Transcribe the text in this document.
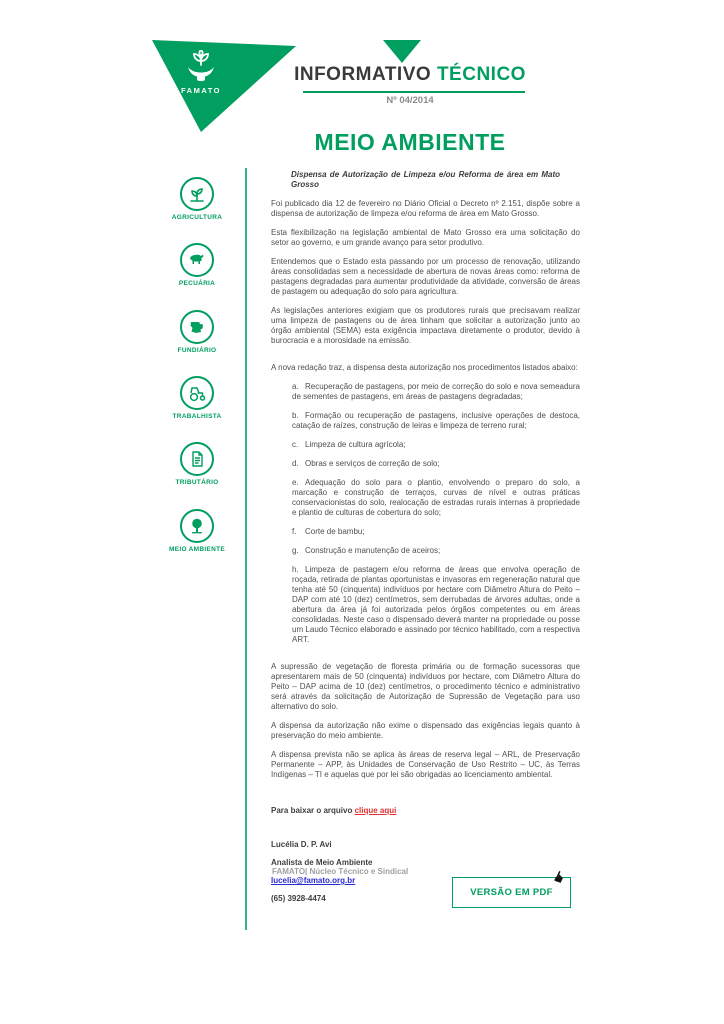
FAMATO
INFORMATIVO TÉCNICO
Nº 04/2014
MEIO AMBIENTE
AGRICULTURA
PECUÁRIA
FUNDIÁRIO
TRABALHISTA
TRIBUTÁRIO
MEIO AMBIENTE

Dispensa de Autorização de Limpeza e/ou Reforma de área em Mato Grosso

Foi publicado dia 12 de fevereiro no Diário Oficial o Decreto nº 2.151, dispõe sobre a dispensa de autorização de limpeza e/ou reforma de área em Mato Grosso.

Esta flexibilização na legislação ambiental de Mato Grosso era uma solicitação do setor ao governo, e um grande avanço para setor produtivo.

Entendemos que o Estado esta passando por um processo de renovação, utilizando áreas consolidadas sem a necessidade de abertura de novas áreas como: reforma de pastagens degradadas para aumentar produtividade da atividade, conversão de áreas de pastagem ou adequação do solo para agricultura.

As legislações anteriores exigiam que os produtores rurais que precisavam realizar uma limpeza de pastagens ou de área tinham que solicitar a autorização junto ao órgão ambiental (SEMA) esta exigência impactava diretamente o produtor, devido à burocracia e a morosidade na emissão.

A nova redação traz, a dispensa desta autorização nos procedimentos listados abaixo:

a. Recuperação de pastagens, por meio de correção do solo e nova semeadura de sementes de pastagens, em áreas de pastagens degradadas;

b. Formação ou recuperação de pastagens, inclusive operações de destoca, catação de raízes, construção de leiras e limpeza de terreno rural;

c. Limpeza de cultura agrícola;

d. Obras e serviços de correção de solo;

e. Adequação do solo para o plantio, envolvendo o preparo do solo, a marcação e construção de terraços, curvas de nível e outras práticas conservacionistas do solo, realocação de estradas rurais internas à propriedade e plantio de culturas de cobertura do solo;

f. Corte de bambu;

g. Construção e manutenção de aceiros;

h. Limpeza de pastagem e/ou reforma de áreas que envolva operação de roçada, retirada de plantas oportunistas e invasoras em regeneração natural que tenha até 50 (cinquenta) indivíduos por hectare com Diâmetro Altura do Peito – DAP com até 10 (dez) centímetros, sem derrubadas de árvores adultas, onde a abertura da área já foi autorizada pelos órgãos competentes ou em áreas consolidadas. Neste caso o dispensado deverá manter na propriedade ou posse um Laudo Técnico elaborado e assinado por técnico habilitado, com a respectiva ART.

A supressão de vegetação de floresta primária ou de formação sucessoras que apresentarem mais de 50 (cinquenta) indivíduos por hectare, com Diâmetro Altura do Peito – DAP acima de 10 (dez) centímetros, o procedimento técnico e administrativo será através da solicitação de Autorização de Supressão de Vegetação para uso alternativo do solo.

A dispensa da autorização não exime o dispensado das exigências legais quanto à preservação do meio ambiente.

A dispensa prevista não se aplica às áreas de reserva legal – ARL, de Preservação Permanente – APP, às Unidades de Conservação de Uso Restrito – UC, às Terras Indígenas – TI e aquelas que por lei são obrigadas ao licenciamento ambiental.

Para baixar o arquivo clique aqui

Lucélia D. P. Avi

Analista de Meio Ambiente

lucelia@famato.org.br

(65) 3928-4474

FAMATO| Núcleo Técnico e Sindical
VERSÃO EM PDF
☛
